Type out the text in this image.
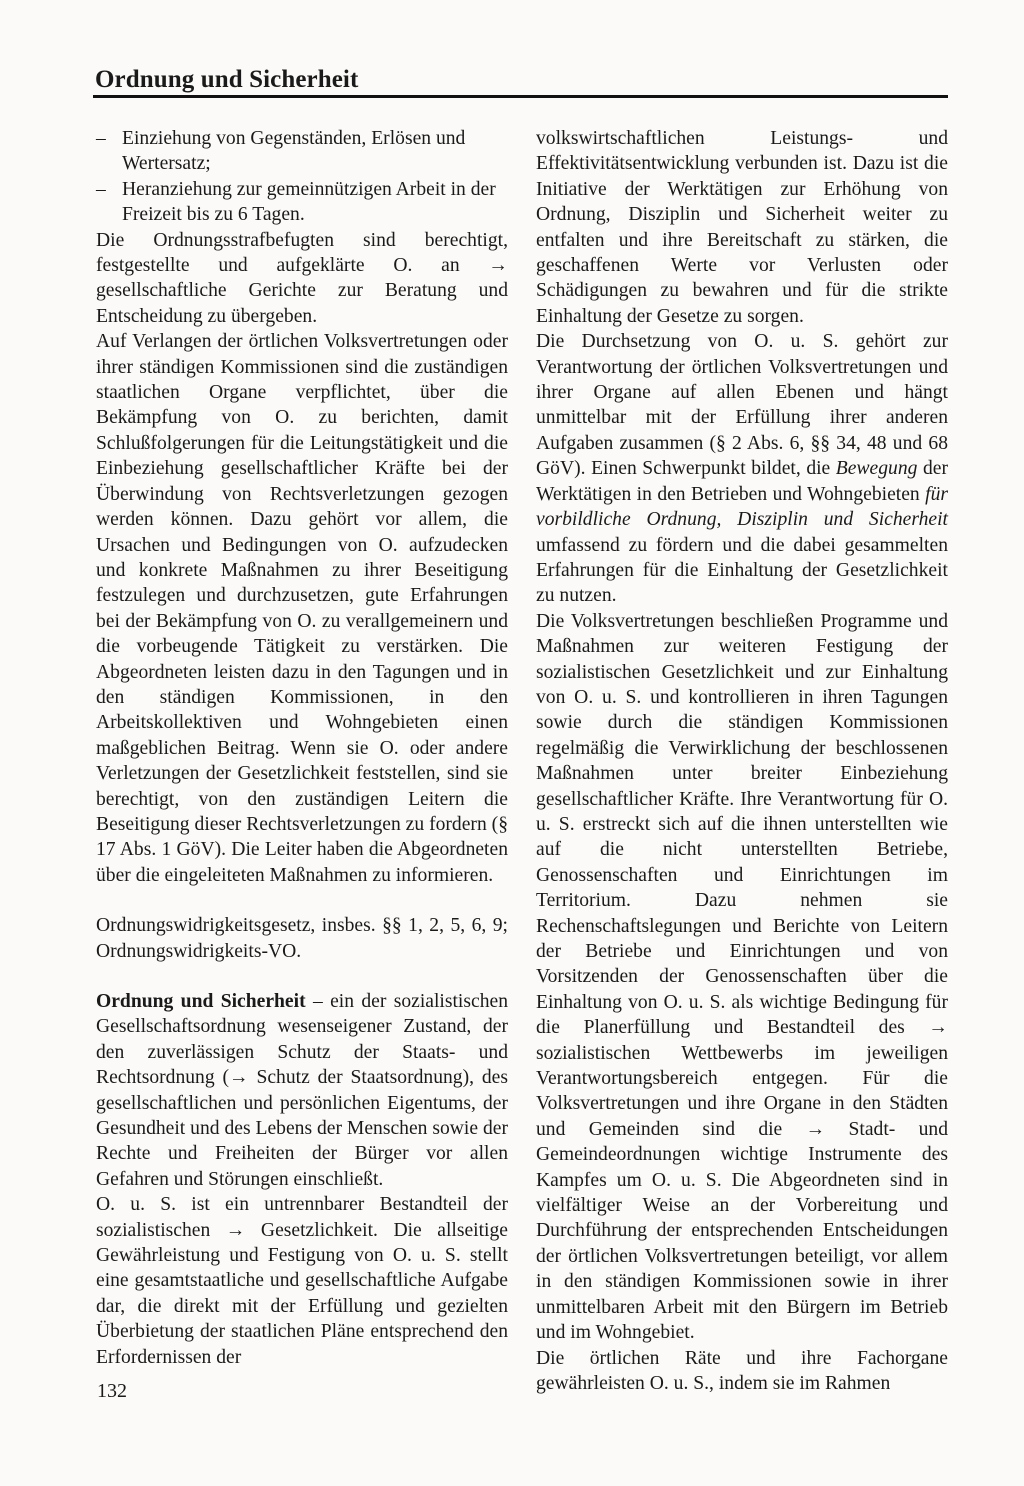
Ordnung und Sicherheit
– Einziehung von Gegenständen, Erlösen und Wertersatz;
– Heranziehung zur gemeinnützigen Arbeit in der Freizeit bis zu 6 Tagen.

Die Ordnungsstrafbefugten sind berechtigt, festgestellte und aufgeklärte O. an → gesellschaftliche Gerichte zur Beratung und Entscheidung zu übergeben.

Auf Verlangen der örtlichen Volksvertretungen oder ihrer ständigen Kommissionen sind die zuständigen staatlichen Organe verpflichtet, über die Bekämpfung von O. zu berichten, damit Schlußfolgerungen für die Leitungstätigkeit und die Einbeziehung gesellschaftlicher Kräfte bei der Überwindung von Rechtsverletzungen gezogen werden können. Dazu gehört vor allem, die Ursachen und Bedingungen von O. aufzudecken und konkrete Maßnahmen zu ihrer Beseitigung festzulegen und durchzusetzen, gute Erfahrungen bei der Bekämpfung von O. zu verallgemeinern und die vorbeugende Tätigkeit zu verstärken. Die Abgeordneten leisten dazu in den Tagungen und in den ständigen Kommissionen, in den Arbeitskollektiven und Wohngebieten einen maßgeblichen Beitrag. Wenn sie O. oder andere Verletzungen der Gesetzlichkeit feststellen, sind sie berechtigt, von den zuständigen Leitern die Beseitigung dieser Rechtsverletzungen zu fordern (§ 17 Abs. 1 GöV). Die Leiter haben die Abgeordneten über die eingeleiteten Maßnahmen zu informieren.

Ordnungswidrigkeitsgesetz, insbes. §§ 1, 2, 5, 6, 9; Ordnungswidrigkeits-VO.

Ordnung und Sicherheit – ein der sozialistischen Gesellschaftsordnung wesenseigener Zustand, der den zuverlässigen Schutz der Staats- und Rechtsordnung (→ Schutz der Staatsordnung), des gesellschaftlichen und persönlichen Eigentums, der Gesundheit und des Lebens der Menschen sowie der Rechte und Freiheiten der Bürger vor allen Gefahren und Störungen einschließt.

O. u. S. ist ein untrennbarer Bestandteil der sozialistischen → Gesetzlichkeit. Die allseitige Gewährleistung und Festigung von O. u. S. stellt eine gesamtstaatliche und gesellschaftliche Aufgabe dar, die direkt mit der Erfüllung und gezielten Überbietung der staatlichen Pläne entsprechend den Erfordernissen der

volkswirtschaftlichen Leistungs- und Effektivitätsentwicklung verbunden ist. Dazu ist die Initiative der Werktätigen zur Erhöhung von Ordnung, Disziplin und Sicherheit weiter zu entfalten und ihre Bereitschaft zu stärken, die geschaffenen Werte vor Verlusten oder Schädigungen zu bewahren und für die strikte Einhaltung der Gesetze zu sorgen.

Die Durchsetzung von O. u. S. gehört zur Verantwortung der örtlichen Volksvertretungen und ihrer Organe auf allen Ebenen und hängt unmittelbar mit der Erfüllung ihrer anderen Aufgaben zusammen (§ 2 Abs. 6, §§ 34, 48 und 68 GöV). Einen Schwerpunkt bildet, die Bewegung der Werktätigen in den Betrieben und Wohngebieten für vorbildliche Ordnung, Disziplin und Sicherheit umfassend zu fördern und die dabei gesammelten Erfahrungen für die Einhaltung der Gesetzlichkeit zu nutzen.

Die Volksvertretungen beschließen Programme und Maßnahmen zur weiteren Festigung der sozialistischen Gesetzlichkeit und zur Einhaltung von O. u. S. und kontrollieren in ihren Tagungen sowie durch die ständigen Kommissionen regelmäßig die Verwirklichung der beschlossenen Maßnahmen unter breiter Einbeziehung gesellschaftlicher Kräfte. Ihre Verantwortung für O. u. S. erstreckt sich auf die ihnen unterstellten wie auf die nicht unterstellten Betriebe, Genossenschaften und Einrichtungen im Territorium. Dazu nehmen sie Rechenschaftslegungen und Berichte von Leitern der Betriebe und Einrichtungen und von Vorsitzenden der Genossenschaften über die Einhaltung von O. u. S. als wichtige Bedingung für die Planerfüllung und Bestandteil des → sozialistischen Wettbewerbs im jeweiligen Verantwortungsbereich entgegen. Für die Volksvertretungen und ihre Organe in den Städten und Gemeinden sind die → Stadt- und Gemeindeordnungen wichtige Instrumente des Kampfes um O. u. S. Die Abgeordneten sind in vielfältiger Weise an der Vorbereitung und Durchführung der entsprechenden Entscheidungen der örtlichen Volksvertretungen beteiligt, vor allem in den ständigen Kommissionen sowie in ihrer unmittelbaren Arbeit mit den Bürgern im Betrieb und im Wohngebiet.

Die örtlichen Räte und ihre Fachorgane gewährleisten O. u. S., indem sie im Rahmen

132
